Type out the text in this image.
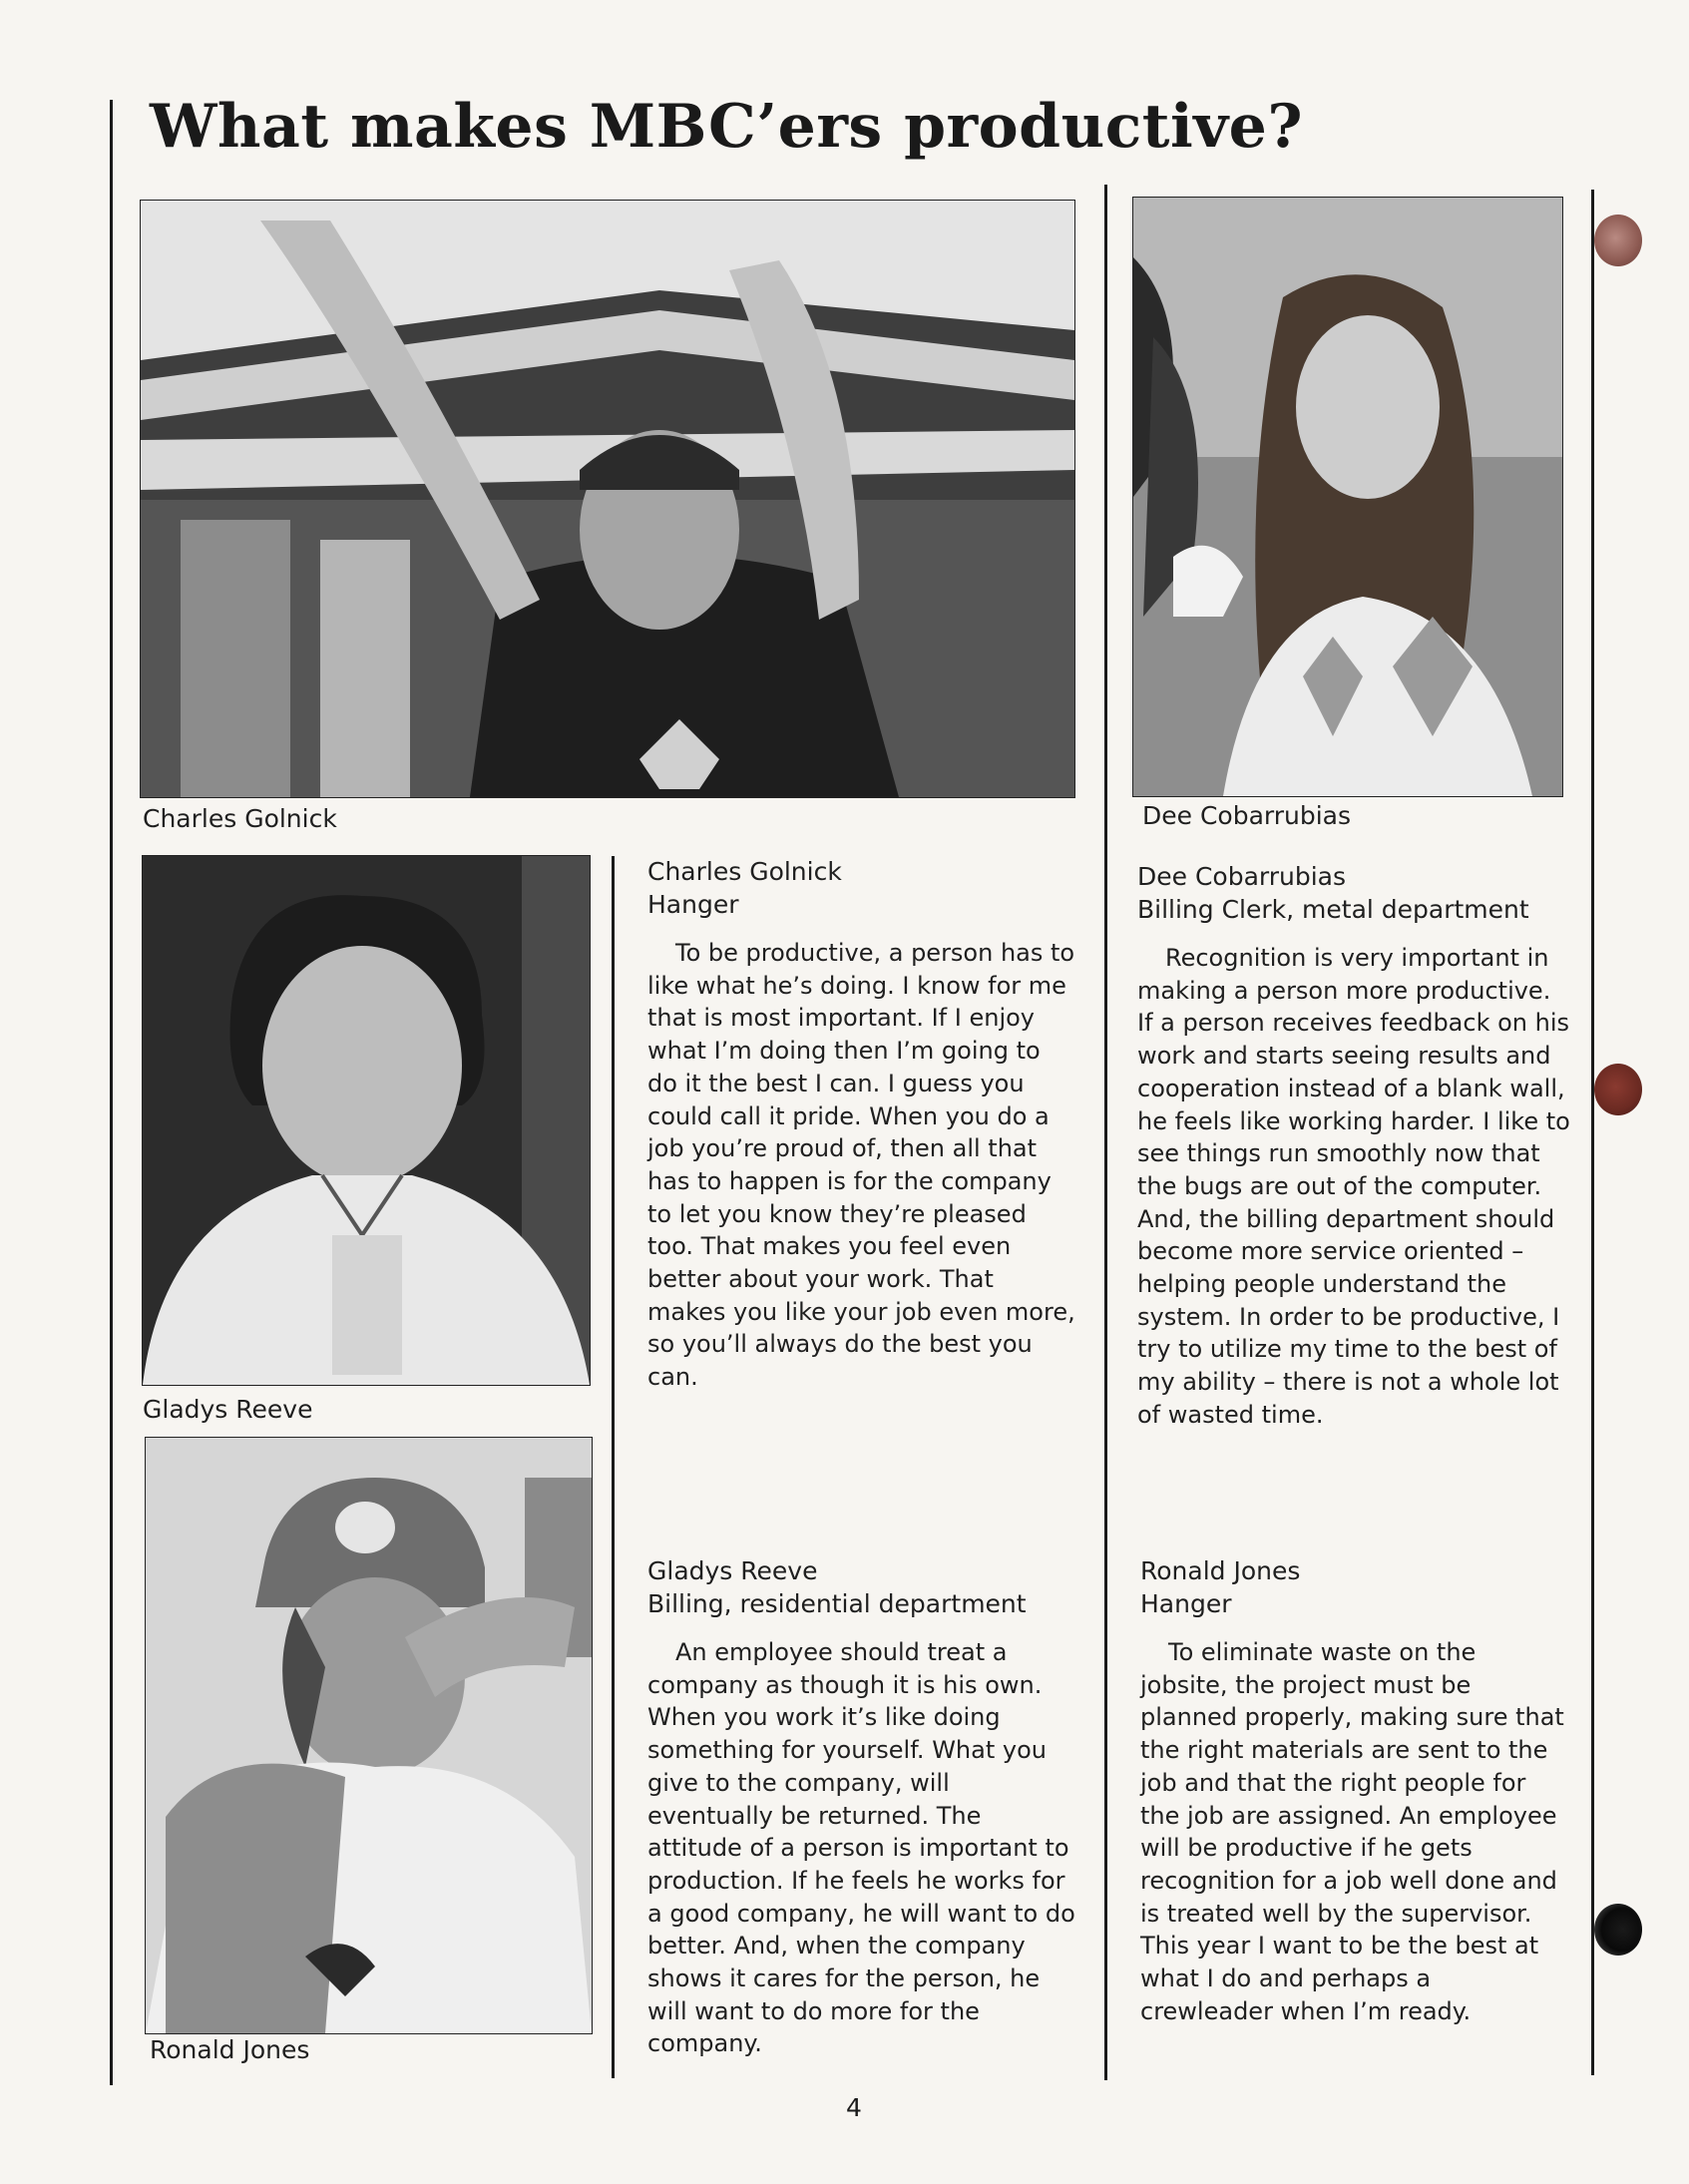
What makes MBC’ers productive?
Charles Golnick	Dee Cobarrubias
Gladys Reeve
Ronald Jones
Charles Golnick
Hanger
To be productive, a person has to like what he’s doing. I know for me that is most important. If I enjoy what I’m doing then I’m going to do it the best I can. I guess you could call it pride. When you do a job you’re proud of, then all that has to happen is for the company to let you know they’re pleased too. That makes you feel even better about your work. That makes you like your job even more, so you’ll always do the best you can.
Dee Cobarrubias
Billing Clerk, metal department
Recognition is very important in making a person more productive. If a person receives feedback on his work and starts seeing results and cooperation instead of a blank wall, he feels like working harder. I like to see things run smoothly now that the bugs are out of the computer. And, the billing department should become more service oriented – helping people understand the system. In order to be productive, I try to utilize my time to the best of my ability – there is not a whole lot of wasted time.
Gladys Reeve
Billing, residential department
An employee should treat a company as though it is his own. When you work it’s like doing something for yourself. What you give to the company, will eventually be returned. The attitude of a person is important to production. If he feels he works for a good company, he will want to do better. And, when the company shows it cares for the person, he will want to do more for the company.
Ronald Jones
Hanger
To eliminate waste on the jobsite, the project must be planned properly, making sure that the right materials are sent to the job and that the right people for the job are assigned. An employee will be productive if he gets recognition for a job well done and is treated well by the supervisor. This year I want to be the best at what I do and perhaps a crewleader when I’m ready.
4
